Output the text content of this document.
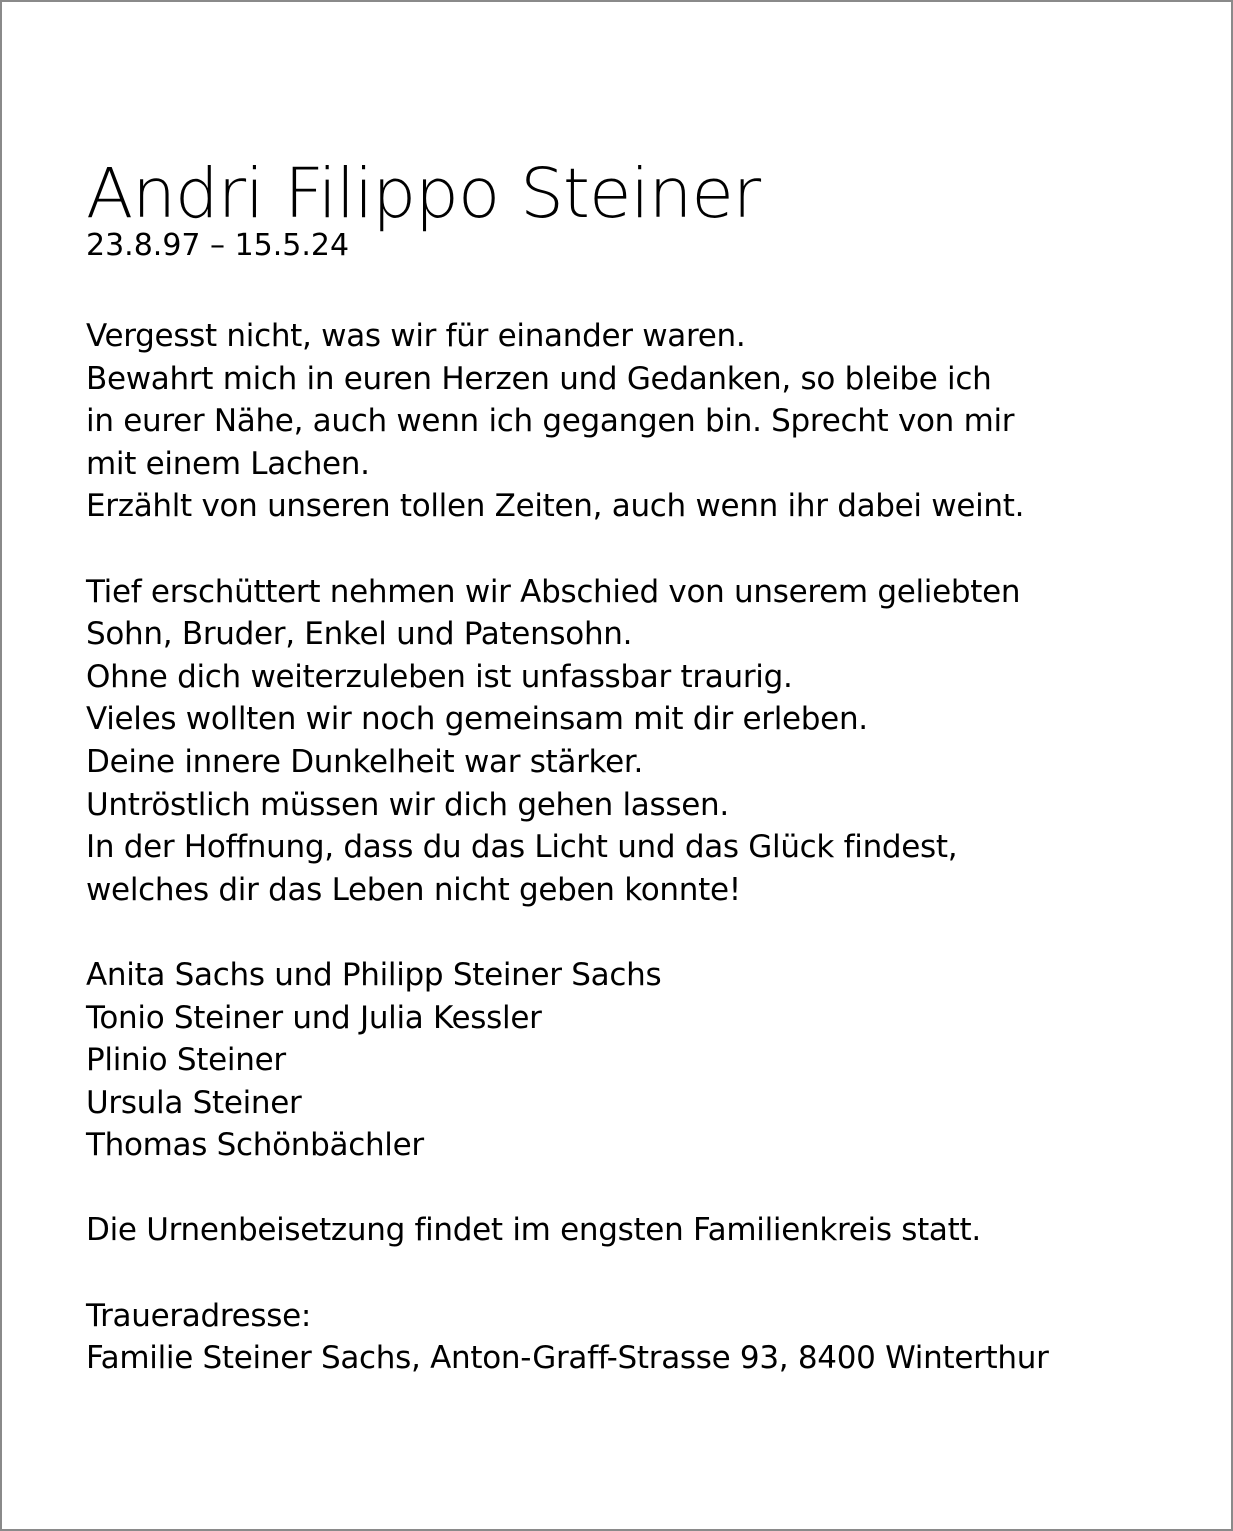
Andri Filippo Steiner
23.8.97 – 15.5.24

Vergesst nicht, was wir für einander waren.
Bewahrt mich in euren Herzen und Gedanken, so bleibe ich
in eurer Nähe, auch wenn ich gegangen bin. Sprecht von mir
mit einem Lachen.
Erzählt von unseren tollen Zeiten, auch wenn ihr dabei weint.

Tief erschüttert nehmen wir Abschied von unserem geliebten
Sohn, Bruder, Enkel und Patensohn.
Ohne dich weiterzuleben ist unfassbar traurig.
Vieles wollten wir noch gemeinsam mit dir erleben.
Deine innere Dunkelheit war stärker.
Untröstlich müssen wir dich gehen lassen.
In der Hoffnung, dass du das Licht und das Glück findest,
welches dir das Leben nicht geben konnte!

Anita Sachs und Philipp Steiner Sachs
Tonio Steiner und Julia Kessler
Plinio Steiner
Ursula Steiner
Thomas Schönbächler

Die Urnenbeisetzung findet im engsten Familienkreis statt.

Traueradresse:
Familie Steiner Sachs, Anton-Graff-Strasse 93, 8400 Winterthur
